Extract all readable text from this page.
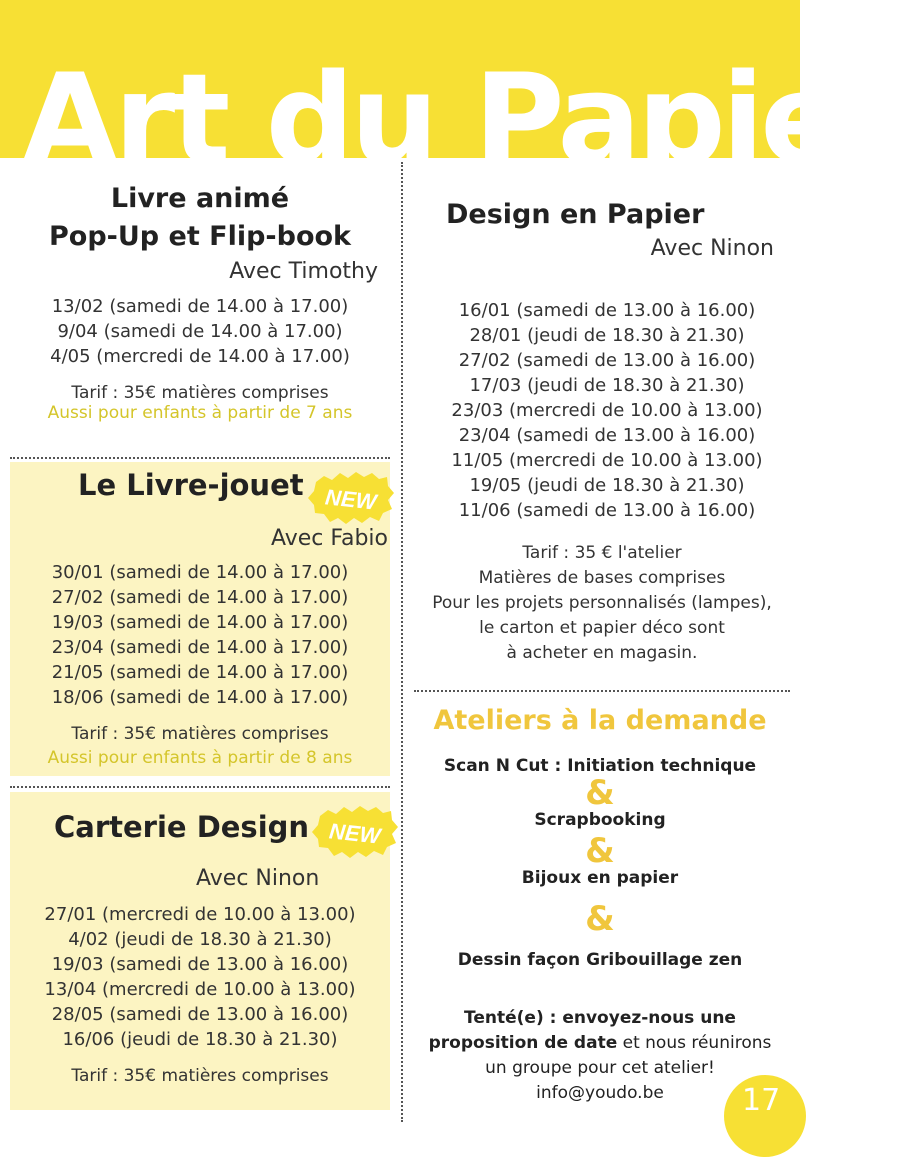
Art du Papier
Livre animé
Pop-Up et Flip-book
Avec Timothy
13/02 (samedi de 14.00 à 17.00)
9/04 (samedi de 14.00 à 17.00)
4/05 (mercredi de 14.00 à 17.00)
Tarif : 35€ matières comprises
Aussi pour enfants à partir de 7 ans
Le Livre-jouet NEW
Avec Fabio
30/01 (samedi de 14.00 à 17.00)
27/02 (samedi de 14.00 à 17.00)
19/03 (samedi de 14.00 à 17.00)
23/04 (samedi de 14.00 à 17.00)
21/05 (samedi de 14.00 à 17.00)
18/06 (samedi de 14.00 à 17.00)
Tarif : 35€ matières comprises
Aussi pour enfants à partir de 8 ans
Carterie Design NEW
Avec Ninon
27/01 (mercredi de 10.00 à 13.00)
4/02 (jeudi de 18.30 à 21.30)
19/03 (samedi de 13.00 à 16.00)
13/04 (mercredi de 10.00 à 13.00)
28/05 (samedi de 13.00 à 16.00)
16/06 (jeudi de 18.30 à 21.30)
Tarif : 35€ matières comprises
Design en Papier
Avec Ninon
16/01 (samedi de 13.00 à 16.00)
28/01 (jeudi de 18.30 à 21.30)
27/02 (samedi de 13.00 à 16.00)
17/03 (jeudi de 18.30 à 21.30)
23/03 (mercredi de 10.00 à 13.00)
23/04 (samedi de 13.00 à 16.00)
11/05 (mercredi de 10.00 à 13.00)
19/05 (jeudi de 18.30 à 21.30)
11/06 (samedi de 13.00 à 16.00)
Tarif : 35 € l'atelier
Matières de bases comprises
Pour les projets personnalisés (lampes),
le carton et papier déco sont
à acheter en magasin.
Ateliers à la demande
Scan N Cut : Initiation technique
&
Scrapbooking
&
Bijoux en papier
&
Dessin façon Gribouillage zen
Tenté(e) : envoyez-nous une
proposition de date et nous réunirons
un groupe pour cet atelier!
info@youdo.be	17
